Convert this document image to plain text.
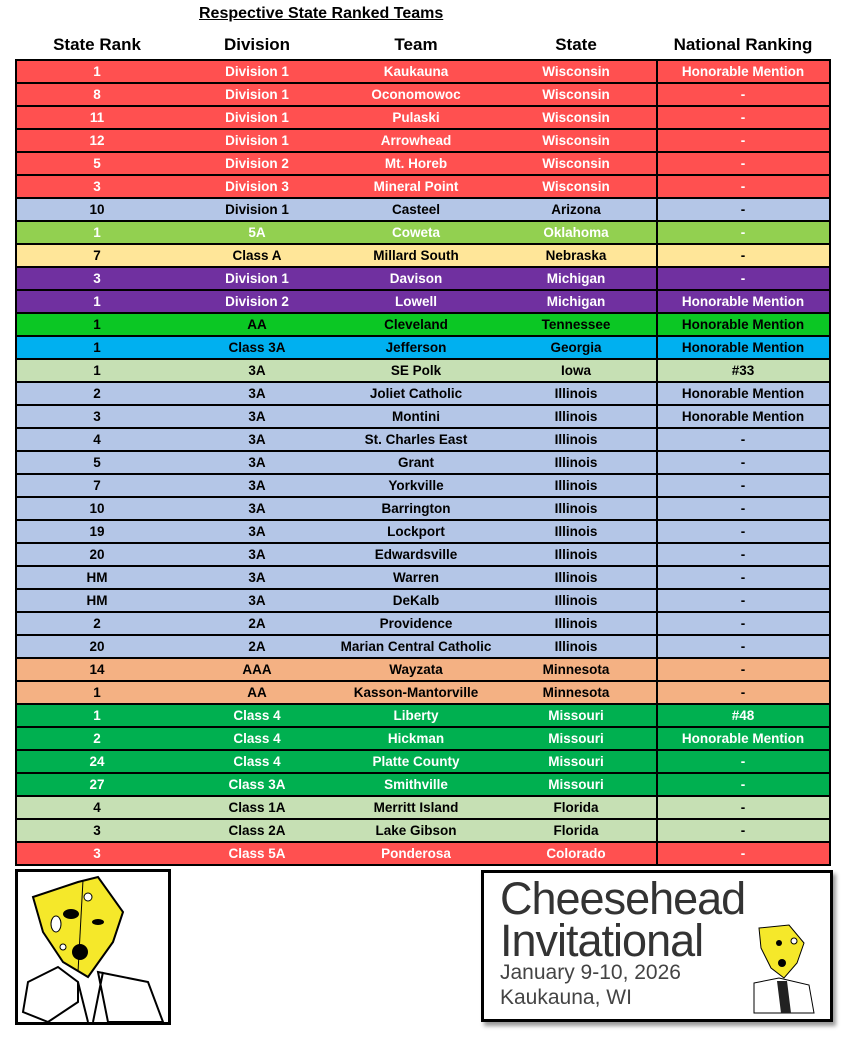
Respective State Ranked Teams
State Rank	Division	Team	State	National Ranking
1	Division 1	Kaukauna	Wisconsin	Honorable Mention
8	Division 1	Oconomowoc	Wisconsin	-
11	Division 1	Pulaski	Wisconsin	-
12	Division 1	Arrowhead	Wisconsin	-
5	Division 2	Mt. Horeb	Wisconsin	-
3	Division 3	Mineral Point	Wisconsin	-
10	Division 1	Casteel	Arizona	-
1	5A	Coweta	Oklahoma	-
7	Class A	Millard South	Nebraska	-
3	Division 1	Davison	Michigan	-
1	Division 2	Lowell	Michigan	Honorable Mention
1	AA	Cleveland	Tennessee	Honorable Mention
1	Class 3A	Jefferson	Georgia	Honorable Mention
1	3A	SE Polk	Iowa	#33
2	3A	Joliet Catholic	Illinois	Honorable Mention
3	3A	Montini	Illinois	Honorable Mention
4	3A	St. Charles East	Illinois	-
5	3A	Grant	Illinois	-
7	3A	Yorkville	Illinois	-
10	3A	Barrington	Illinois	-
19	3A	Lockport	Illinois	-
20	3A	Edwardsville	Illinois	-
HM	3A	Warren	Illinois	-
HM	3A	DeKalb	Illinois	-
2	2A	Providence	Illinois	-
20	2A	Marian Central Catholic	Illinois	-
14	AAA	Wayzata	Minnesota	-
1	AA	Kasson-Mantorville	Minnesota	-
1	Class 4	Liberty	Missouri	#48
2	Class 4	Hickman	Missouri	Honorable Mention
24	Class 4	Platte County	Missouri	-
27	Class 3A	Smithville	Missouri	-
4	Class 1A	Merritt Island	Florida	-
3	Class 2A	Lake Gibson	Florida	-
3	Class 5A	Ponderosa	Colorado	-
Cheesehead
Invitational
January 9-10, 2026
Kaukauna, WI
